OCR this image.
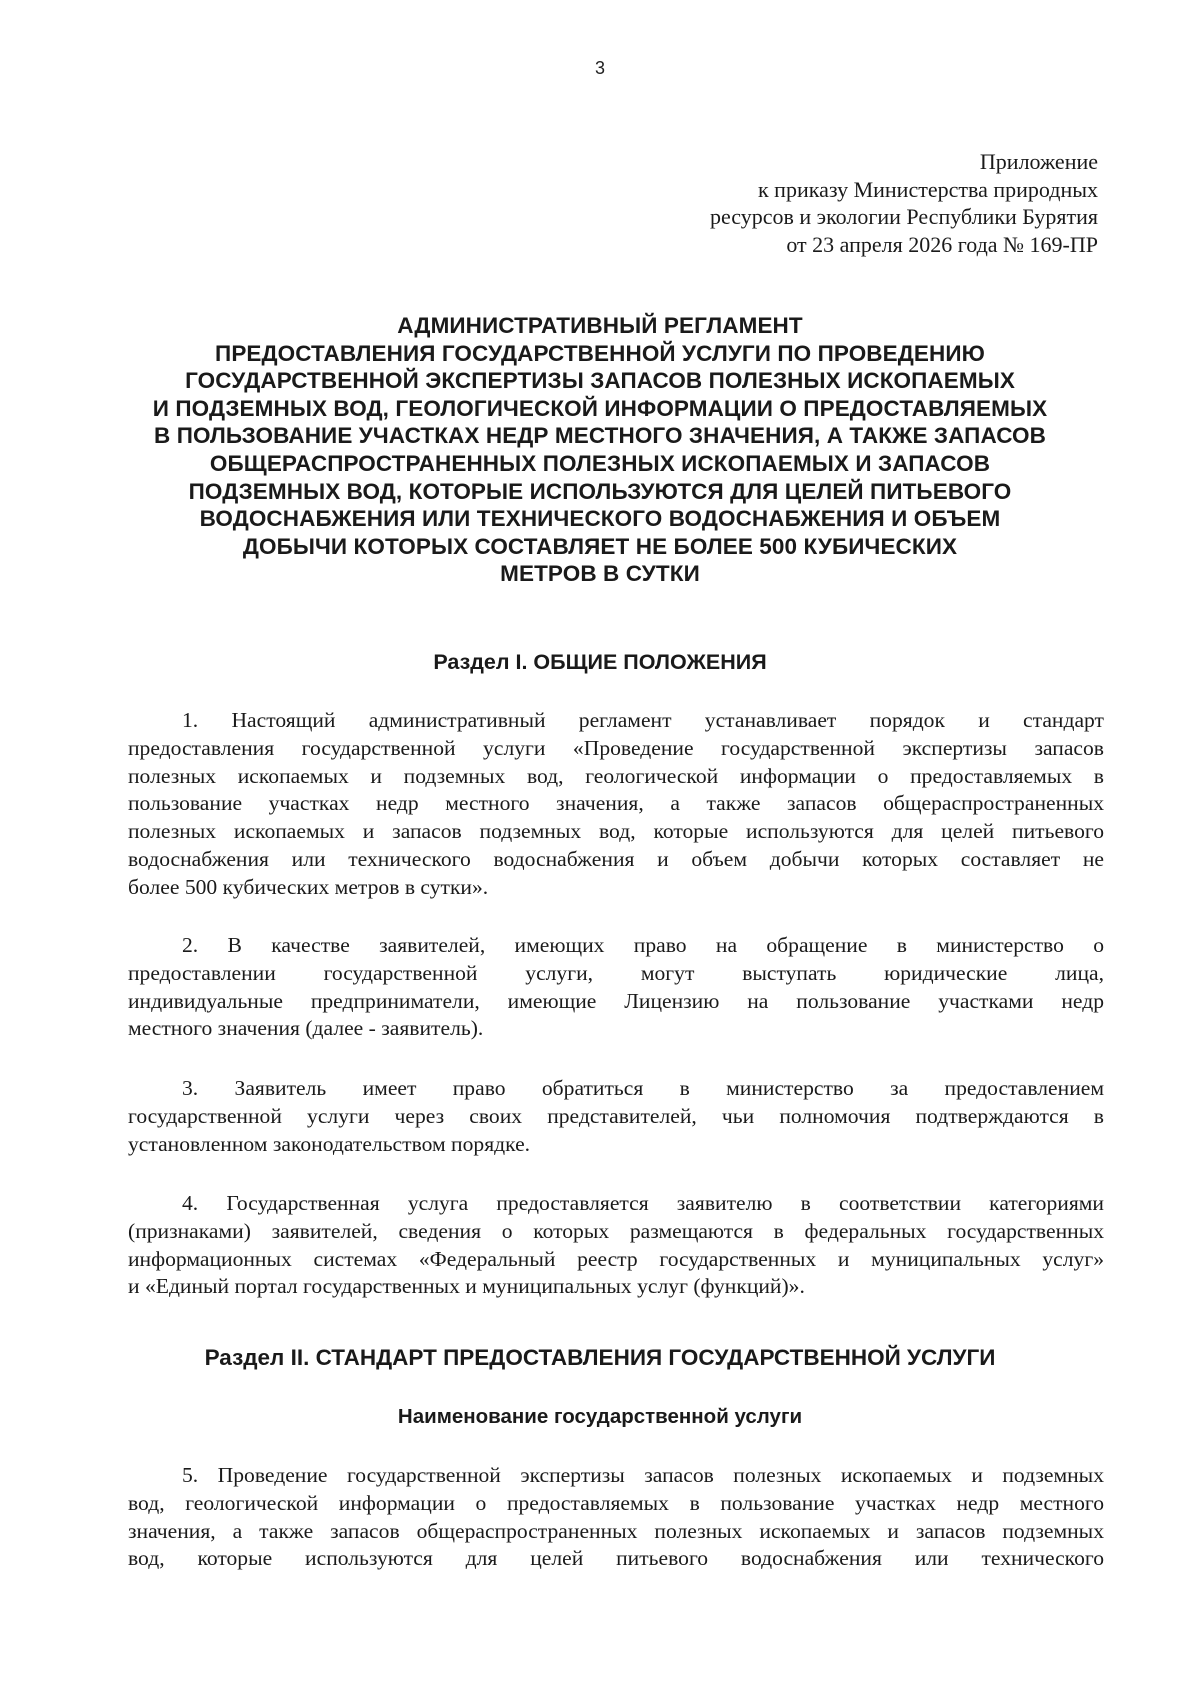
3
Приложение
к приказу Министерства природных
ресурсов и экологии Республики Бурятия
от 23 апреля 2026 года № 169-ПР
АДМИНИСТРАТИВНЫЙ РЕГЛАМЕНТ
ПРЕДОСТАВЛЕНИЯ ГОСУДАРСТВЕННОЙ УСЛУГИ ПО ПРОВЕДЕНИЮ
ГОСУДАРСТВЕННОЙ ЭКСПЕРТИЗЫ ЗАПАСОВ ПОЛЕЗНЫХ ИСКОПАЕМЫХ
И ПОДЗЕМНЫХ ВОД, ГЕОЛОГИЧЕСКОЙ ИНФОРМАЦИИ О ПРЕДОСТАВЛЯЕМЫХ
В ПОЛЬЗОВАНИЕ УЧАСТКАХ НЕДР МЕСТНОГО ЗНАЧЕНИЯ, А ТАКЖЕ ЗАПАСОВ
ОБЩЕРАСПРОСТРАНЕННЫХ ПОЛЕЗНЫХ ИСКОПАЕМЫХ И ЗАПАСОВ
ПОДЗЕМНЫХ ВОД, КОТОРЫЕ ИСПОЛЬЗУЮТСЯ ДЛЯ ЦЕЛЕЙ ПИТЬЕВОГО
ВОДОСНАБЖЕНИЯ ИЛИ ТЕХНИЧЕСКОГО ВОДОСНАБЖЕНИЯ И ОБЪЕМ
ДОБЫЧИ КОТОРЫХ СОСТАВЛЯЕТ НЕ БОЛЕЕ 500 КУБИЧЕСКИХ
МЕТРОВ В СУТКИ
Раздел I. ОБЩИЕ ПОЛОЖЕНИЯ
1. Настоящий административный регламент устанавливает порядок и стандарт
предоставления государственной услуги «Проведение государственной экспертизы запасов
полезных ископаемых и подземных вод, геологической информации о предоставляемых в
пользование участках недр местного значения, а также запасов общераспространенных
полезных ископаемых и запасов подземных вод, которые используются для целей питьевого
водоснабжения или технического водоснабжения и объем добычи которых составляет не
более 500 кубических метров в сутки».
2. В качестве заявителей, имеющих право на обращение в министерство о
предоставлении государственной услуги, могут выступать юридические лица,
индивидуальные предприниматели, имеющие Лицензию на пользование участками недр
местного значения (далее - заявитель).
3. Заявитель имеет право обратиться в министерство за предоставлением
государственной услуги через своих представителей, чьи полномочия подтверждаются в
установленном законодательством порядке.
4. Государственная услуга предоставляется заявителю в соответствии категориями
(признаками) заявителей, сведения о которых размещаются в федеральных государственных
информационных системах «Федеральный реестр государственных и муниципальных услуг»
и «Единый портал государственных и муниципальных услуг (функций)».
Раздел II. СТАНДАРТ ПРЕДОСТАВЛЕНИЯ ГОСУДАРСТВЕННОЙ УСЛУГИ
Наименование государственной услуги
5. Проведение государственной экспертизы запасов полезных ископаемых и подземных
вод, геологической информации о предоставляемых в пользование участках недр местного
значения, а также запасов общераспространенных полезных ископаемых и запасов подземных
вод, которые используются для целей питьевого водоснабжения или технического
